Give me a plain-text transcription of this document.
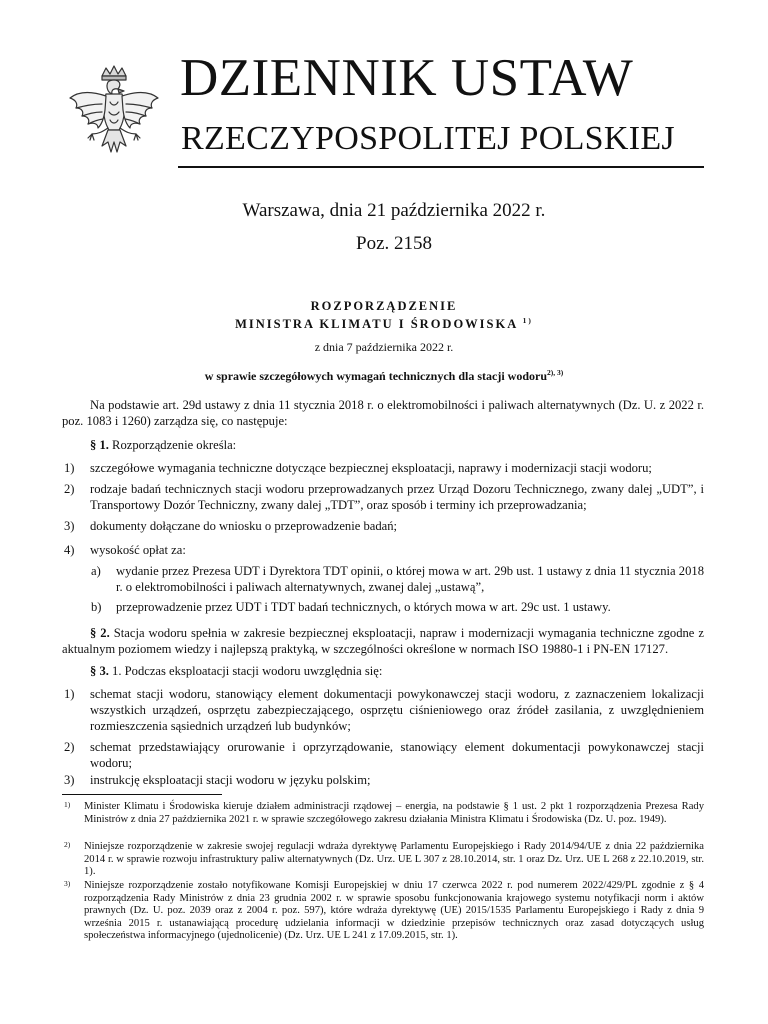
DZIENNIK USTAW
RZECZYPOSPOLITEJ POLSKIEJ
Warszawa, dnia 21 października 2022 r.
Poz. 2158
ROZPORZĄDZENIE
MINISTRA KLIMATU I ŚRODOWISKA $^{1)}$
z dnia 7 października 2022 r.
w sprawie szczegółowych wymagań technicznych dla stacji wodoru$^{2), 3)}$
Na podstawie art. 29d ustawy z dnia 11 stycznia 2018 r. o elektromobilności i paliwach alternatywnych (Dz. U. z 2022 r. poz. 1083 i 1260) zarządza się, co następuje:
§ 1. Rozporządzenie określa:
1) szczegółowe wymagania techniczne dotyczące bezpiecznej eksploatacji, naprawy i modernizacji stacji wodoru;
2) rodzaje badań technicznych stacji wodoru przeprowadzanych przez Urząd Dozoru Technicznego, zwany dalej „UDT”, i Transportowy Dozór Techniczny, zwany dalej „TDT”, oraz sposób i terminy ich przeprowadzania;
3) dokumenty dołączane do wniosku o przeprowadzenie badań;
4) wysokość opłat za:
a) wydanie przez Prezesa UDT i Dyrektora TDT opinii, o której mowa w art. 29b ust. 1 ustawy z dnia 11 stycznia 2018 r. o elektromobilności i paliwach alternatywnych, zwanej dalej „ustawą”,
b) przeprowadzenie przez UDT i TDT badań technicznych, o których mowa w art. 29c ust. 1 ustawy.
§ 2. Stacja wodoru spełnia w zakresie bezpiecznej eksploatacji, napraw i modernizacji wymagania techniczne zgodne z aktualnym poziomem wiedzy i najlepszą praktyką, w szczególności określone w normach ISO 19880-1 i PN-EN 17127.
§ 3. 1. Podczas eksploatacji stacji wodoru uwzględnia się:
1) schemat stacji wodoru, stanowiący element dokumentacji powykonawczej stacji wodoru, z zaznaczeniem lokalizacji wszystkich urządzeń, osprzętu zabezpieczającego, osprzętu ciśnieniowego oraz źródeł zasilania, z uwzględnieniem rozmieszczenia sąsiednich urządzeń lub budynków;
2) schemat przedstawiający orurowanie i oprzyrządowanie, stanowiący element dokumentacji powykonawczej stacji wodoru;
3) instrukcję eksploatacji stacji wodoru w języku polskim;
1) Minister Klimatu i Środowiska kieruje działem administracji rządowej – energia, na podstawie § 1 ust. 2 pkt 1 rozporządzenia Prezesa Rady Ministrów z dnia 27 października 2021 r. w sprawie szczegółowego zakresu działania Ministra Klimatu i Środowiska (Dz. U. poz. 1949).
2) Niniejsze rozporządzenie w zakresie swojej regulacji wdraża dyrektywę Parlamentu Europejskiego i Rady 2014/94/UE z dnia 22 października 2014 r. w sprawie rozwoju infrastruktury paliw alternatywnych (Dz. Urz. UE L 307 z 28.10.2014, str. 1 oraz Dz. Urz. UE L 268 z 22.10.2019, str. 1).
3) Niniejsze rozporządzenie zostało notyfikowane Komisji Europejskiej w dniu 17 czerwca 2022 r. pod numerem 2022/429/PL zgodnie z § 4 rozporządzenia Rady Ministrów z dnia 23 grudnia 2002 r. w sprawie sposobu funkcjonowania krajowego systemu notyfikacji norm i aktów prawnych (Dz. U. poz. 2039 oraz z 2004 r. poz. 597), które wdraża dyrektywę (UE) 2015/1535 Parlamentu Europejskiego i Rady z dnia 9 września 2015 r. ustanawiającą procedurę udzielania informacji w dziedzinie przepisów technicznych oraz zasad dotyczących usług społeczeństwa informacyjnego (ujednolicenie) (Dz. Urz. UE L 241 z 17.09.2015, str. 1).
